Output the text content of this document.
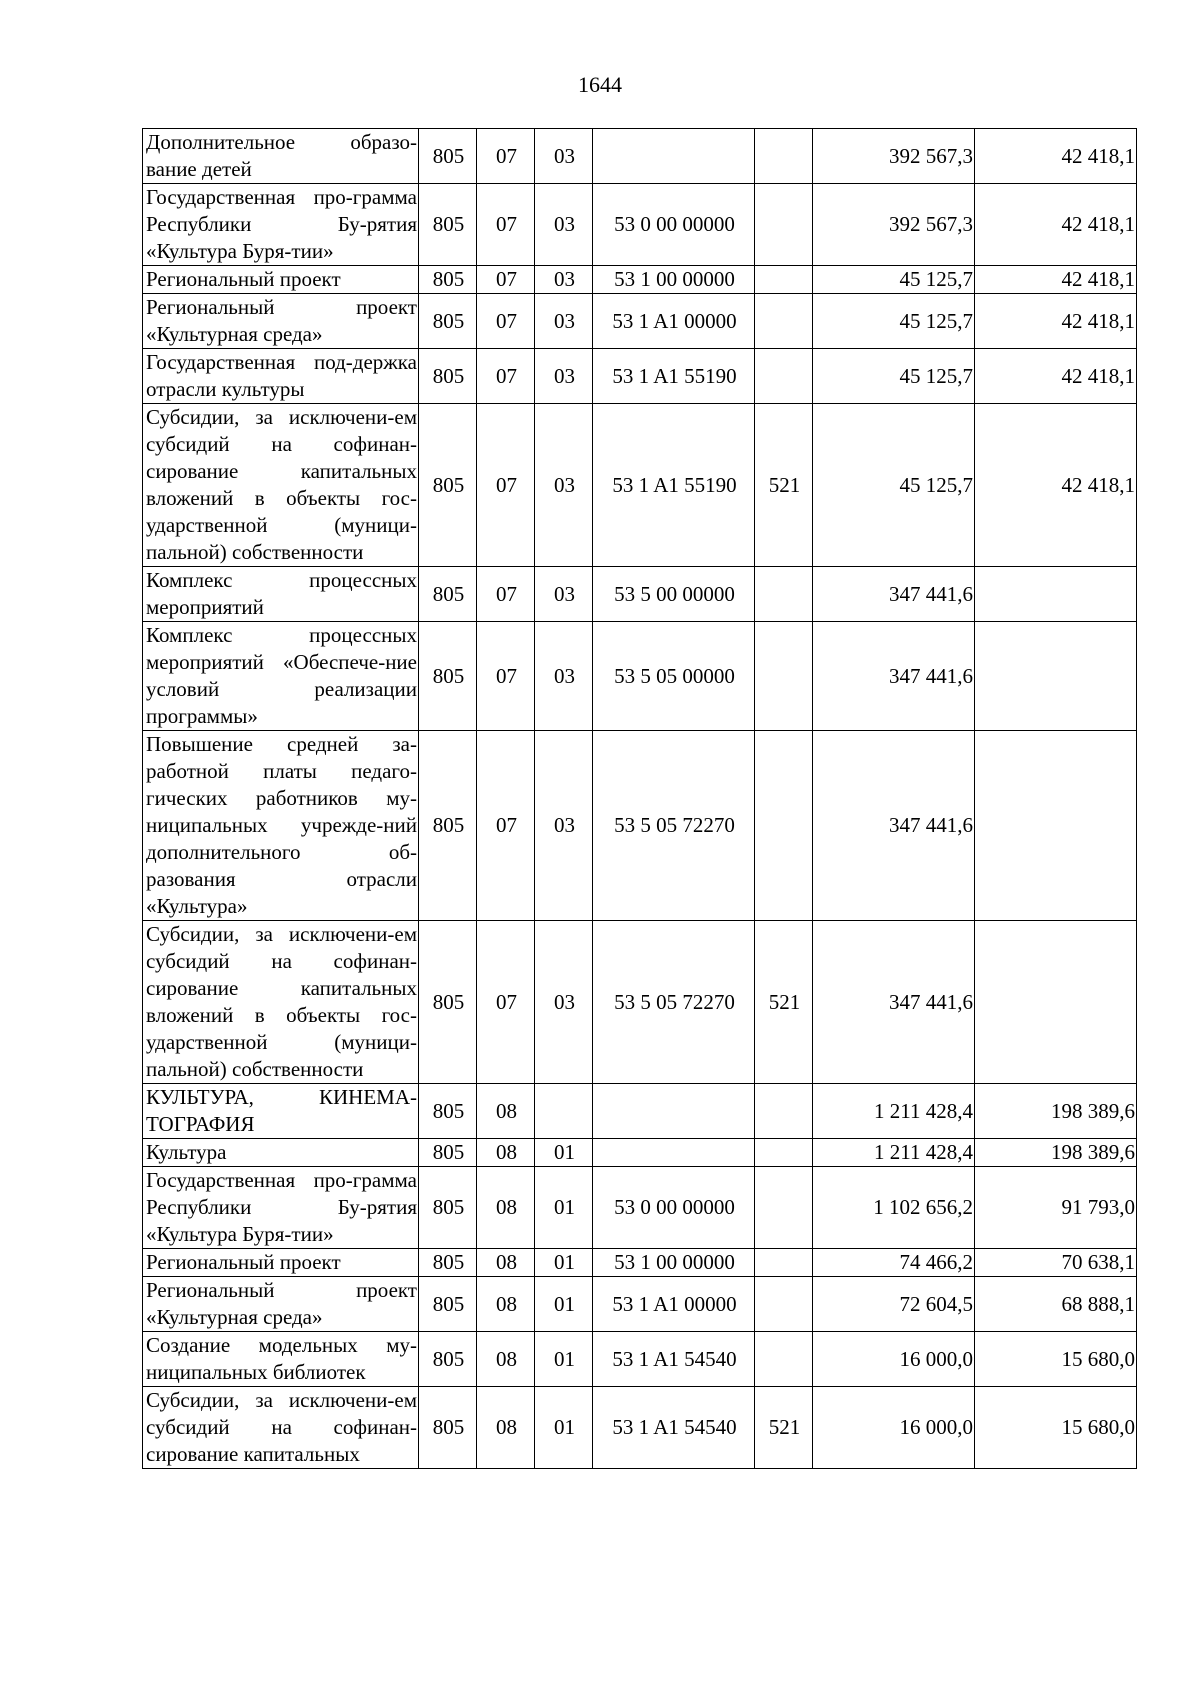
1644
Дополнительное образо-вание детей	805	07	03			392 567,3	42 418,1
Государственная про-грамма Республики Бу-рятия «Культура Буря-тии»	805	07	03	53 0 00 00000		392 567,3	42 418,1
Региональный проект	805	07	03	53 1 00 00000		45 125,7	42 418,1
Региональный проект «Культурная среда»	805	07	03	53 1 A1 00000		45 125,7	42 418,1
Государственная под-держка отрасли культуры	805	07	03	53 1 A1 55190		45 125,7	42 418,1
Субсидии, за исключени-ем субсидий на софинан-сирование капитальных вложений в объекты гос-ударственной (муници-пальной) собственности	805	07	03	53 1 A1 55190	521	45 125,7	42 418,1
Комплекс процессных мероприятий	805	07	03	53 5 00 00000		347 441,6	
Комплекс процессных мероприятий «Обеспече-ние условий реализации программы»	805	07	03	53 5 05 00000		347 441,6	
Повышение средней за-работной платы педаго-гических работников му-ниципальных учрежде-ний дополнительного об-разования отрасли «Культура»	805	07	03	53 5 05 72270		347 441,6	
Субсидии, за исключени-ем субсидий на софинан-сирование капитальных вложений в объекты гос-ударственной (муници-пальной) собственности	805	07	03	53 5 05 72270	521	347 441,6	
КУЛЬТУРА, КИНЕМА-ТОГРАФИЯ	805	08				1 211 428,4	198 389,6
Культура	805	08	01			1 211 428,4	198 389,6
Государственная про-грамма Республики Бу-рятия «Культура Буря-тии»	805	08	01	53 0 00 00000		1 102 656,2	91 793,0
Региональный проект	805	08	01	53 1 00 00000		74 466,2	70 638,1
Региональный проект «Культурная среда»	805	08	01	53 1 A1 00000		72 604,5	68 888,1
Создание модельных му-ниципальных библиотек	805	08	01	53 1 A1 54540		16 000,0	15 680,0
Субсидии, за исключени-ем субсидий на софинан-сирование капитальных	805	08	01	53 1 A1 54540	521	16 000,0	15 680,0
